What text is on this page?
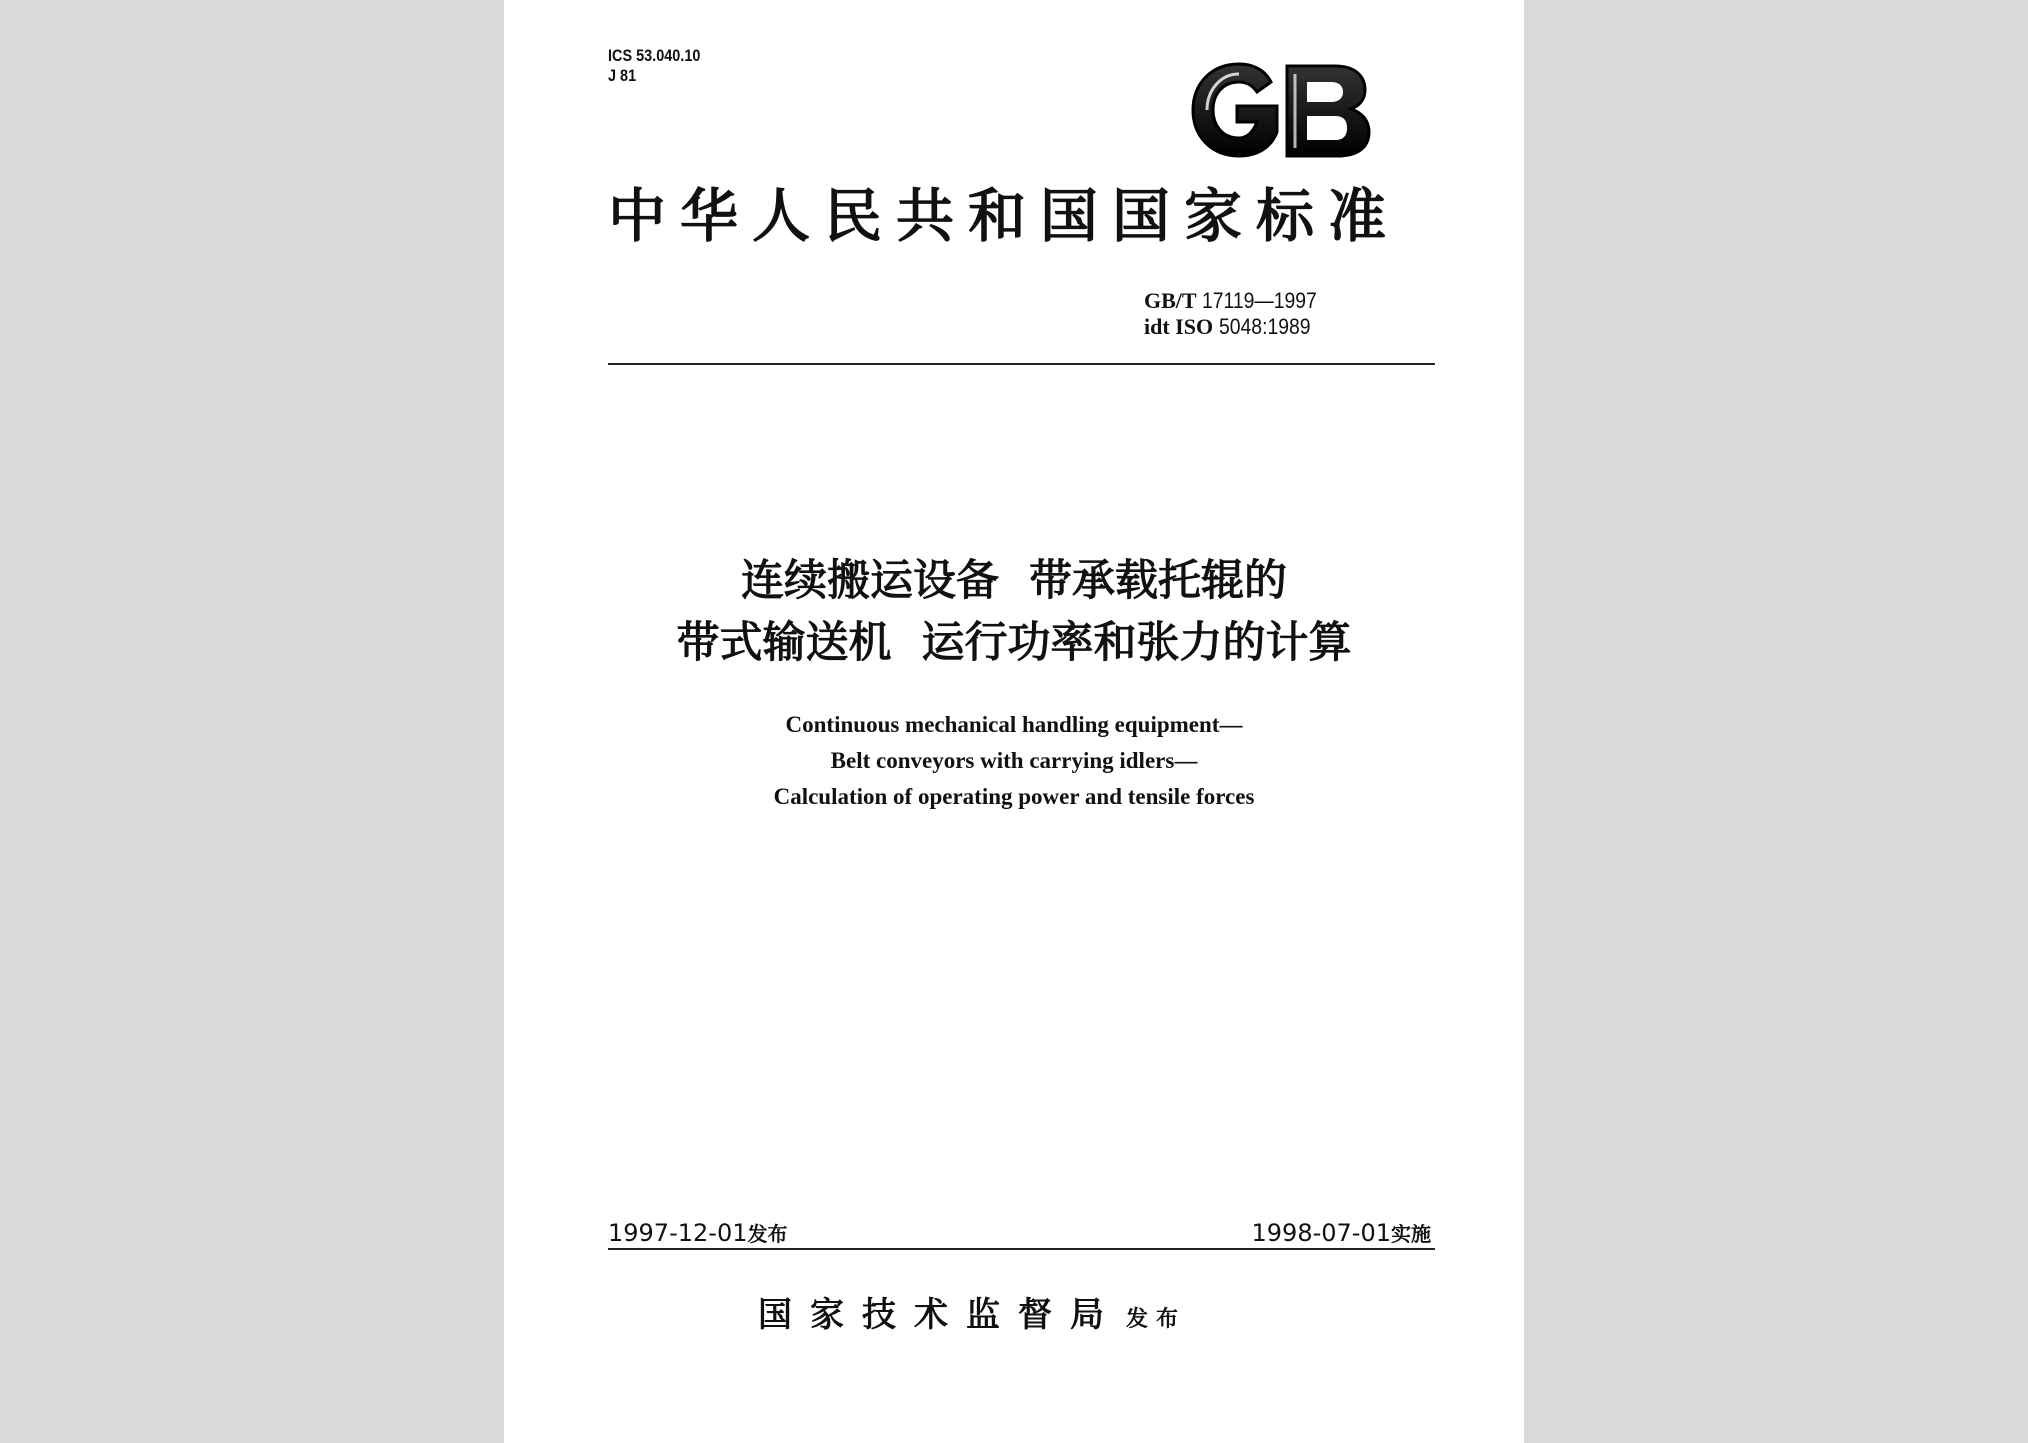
ICS 53.040.10
J 81
中华人民共和国国家标准
GB/T 17119—1997
idt ISO 5048:1989
连续搬运设备  带承载托辊的
带式输送机  运行功率和张力的计算
Continuous mechanical handling equipment—
Belt conveyors with carrying idlers—
Calculation of operating power and tensile forces
1997-12-01发布	1998-07-01实施
国家技术监督局 发布
